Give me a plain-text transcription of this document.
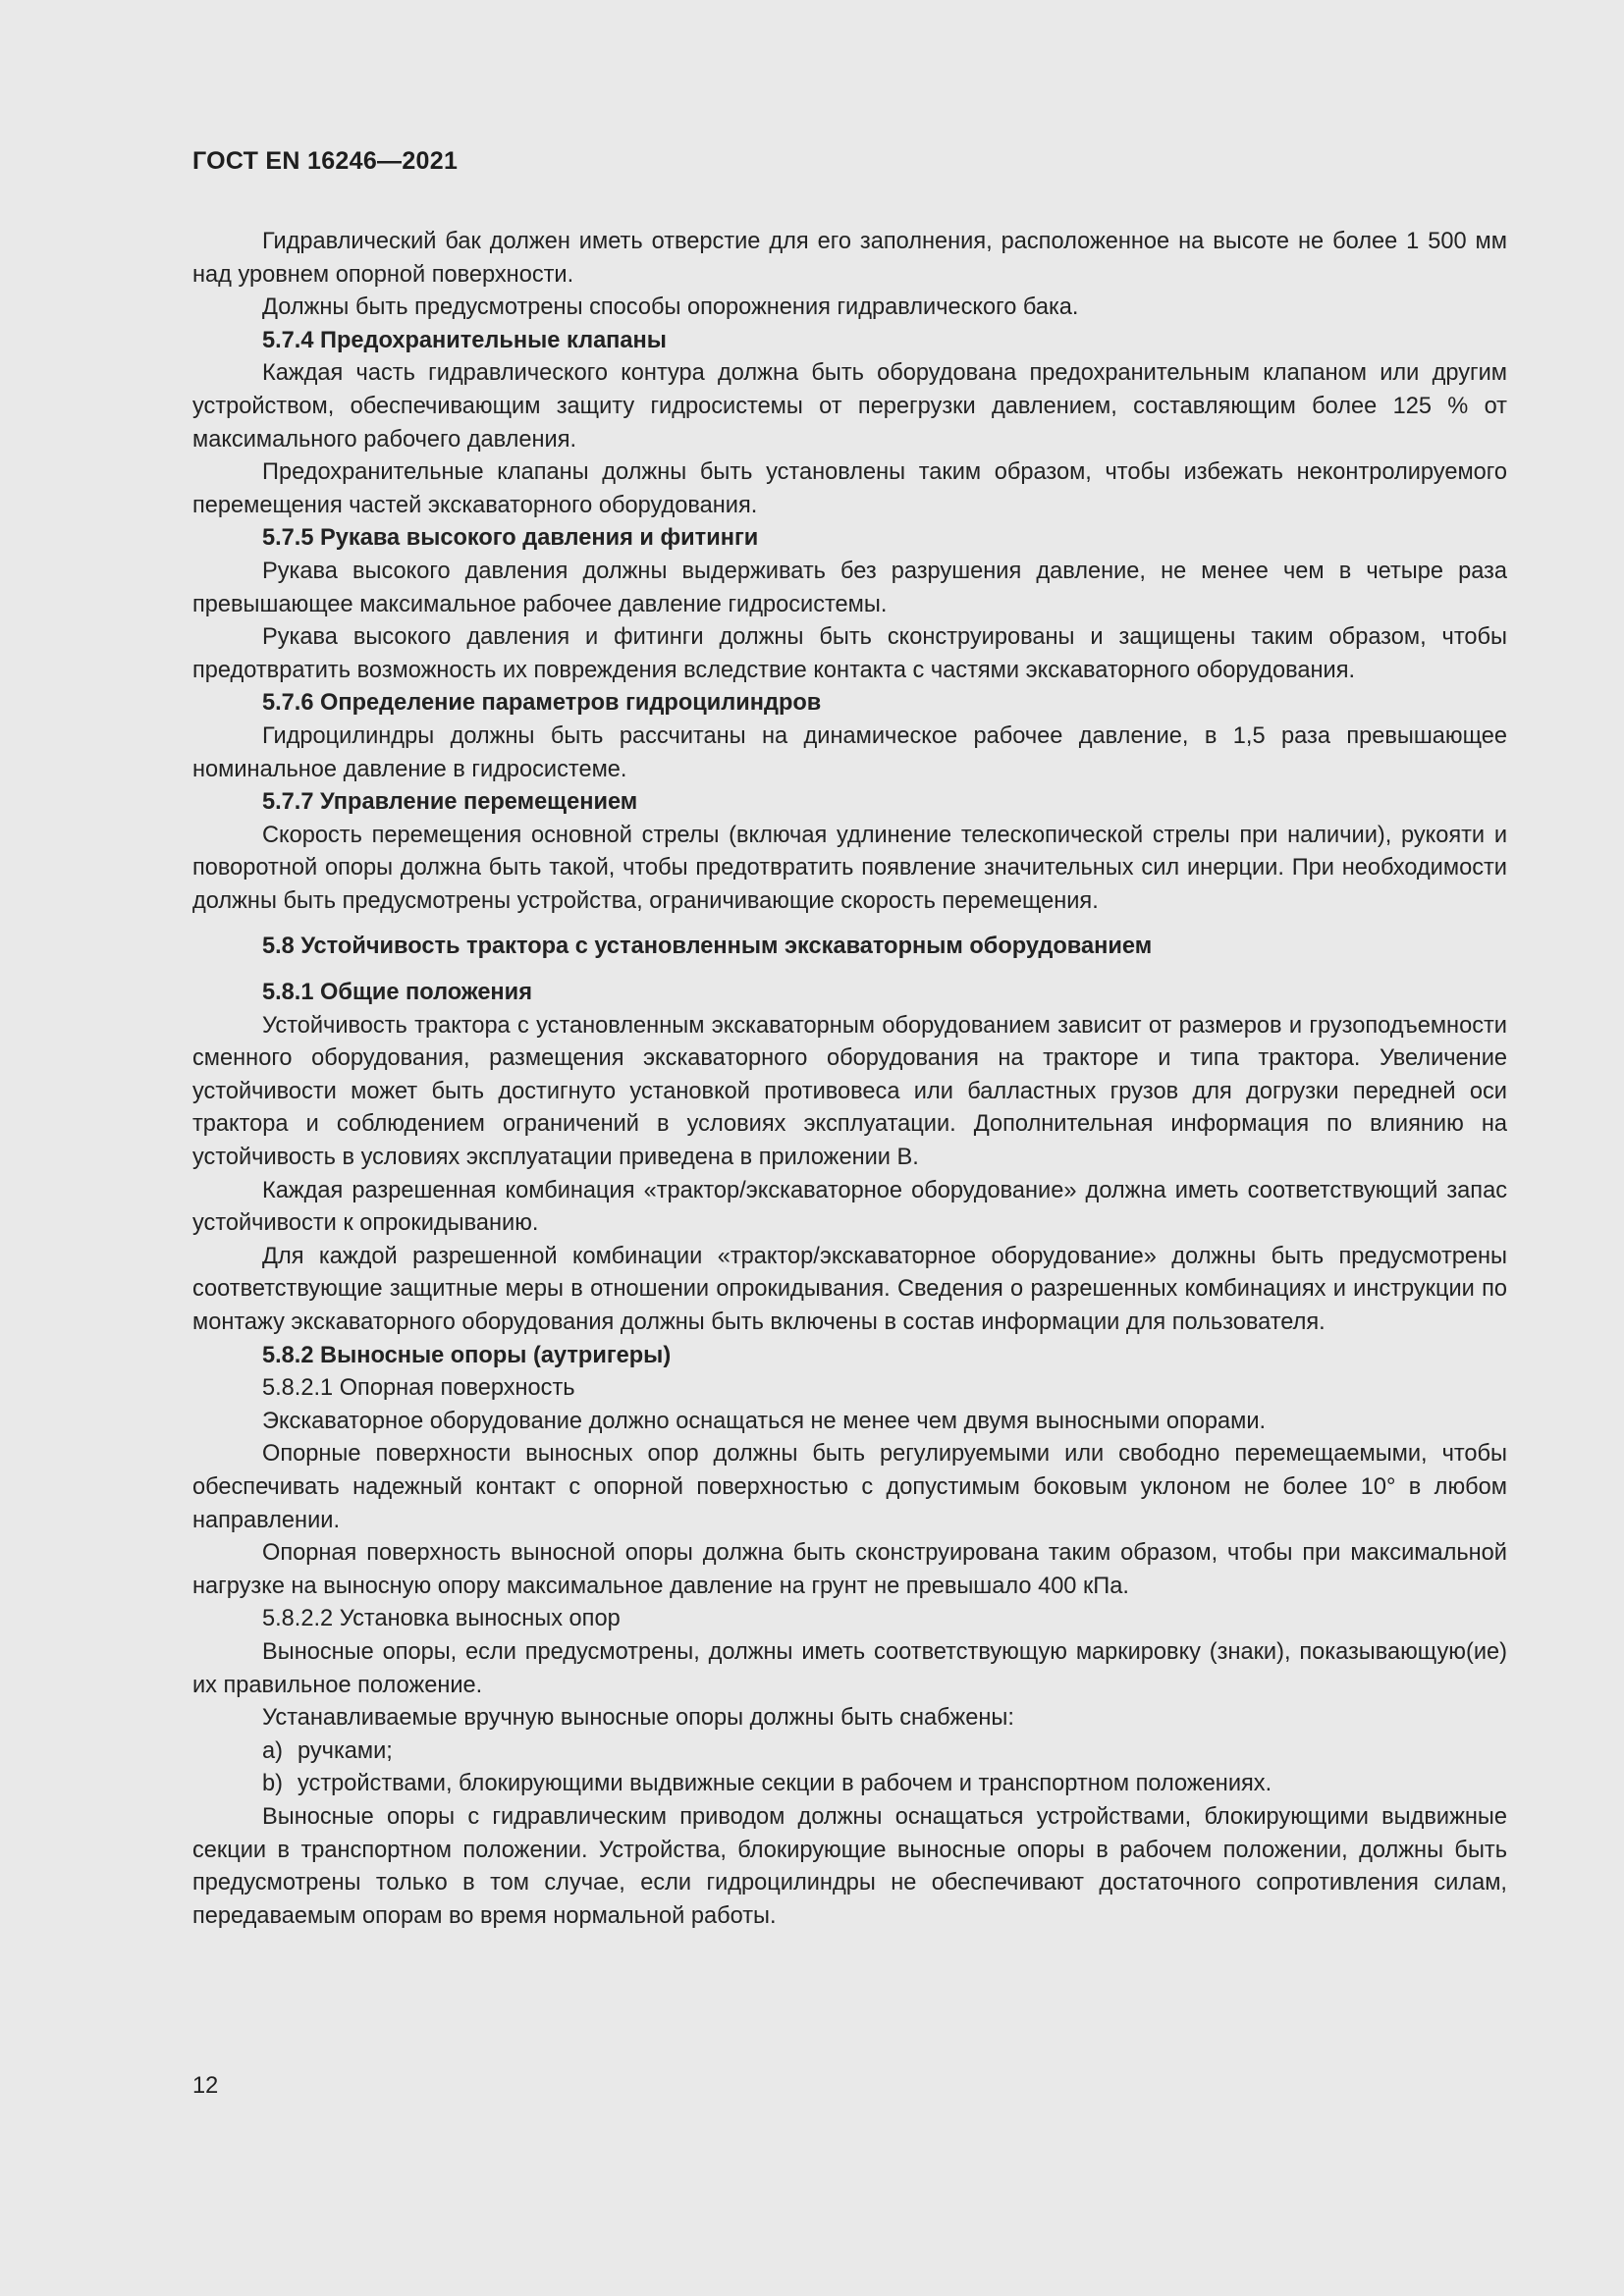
ГОСТ EN 16246—2021

Гидравлический бак должен иметь отверстие для его заполнения, расположенное на высоте не более 1 500 мм над уровнем опорной поверхности.

Должны быть предусмотрены способы опорожнения гидравлического бака.

5.7.4 Предохранительные клапаны

Каждая часть гидравлического контура должна быть оборудована предохранительным клапаном или другим устройством, обеспечивающим защиту гидросистемы от перегрузки давлением, составляющим более 125 % от максимального рабочего давления.

Предохранительные клапаны должны быть установлены таким образом, чтобы избежать неконтролируемого перемещения частей экскаваторного оборудования.

5.7.5 Рукава высокого давления и фитинги

Рукава высокого давления должны выдерживать без разрушения давление, не менее чем в четыре раза превышающее максимальное рабочее давление гидросистемы.

Рукава высокого давления и фитинги должны быть сконструированы и защищены таким образом, чтобы предотвратить возможность их повреждения вследствие контакта с частями экскаваторного оборудования.

5.7.6 Определение параметров гидроцилиндров

Гидроцилиндры должны быть рассчитаны на динамическое рабочее давление, в 1,5 раза превышающее номинальное давление в гидросистеме.

5.7.7 Управление перемещением

Скорость перемещения основной стрелы (включая удлинение телескопической стрелы при наличии), рукояти и поворотной опоры должна быть такой, чтобы предотвратить появление значительных сил инерции. При необходимости должны быть предусмотрены устройства, ограничивающие скорость перемещения.

5.8 Устойчивость трактора с установленным экскаваторным оборудованием

5.8.1 Общие положения

Устойчивость трактора с установленным экскаваторным оборудованием зависит от размеров и грузоподъемности сменного оборудования, размещения экскаваторного оборудования на тракторе и типа трактора. Увеличение устойчивости может быть достигнуто установкой противовеса или балластных грузов для догрузки передней оси трактора и соблюдением ограничений в условиях эксплуатации. Дополнительная информация по влиянию на устойчивость в условиях эксплуатации приведена в приложении B.

Каждая разрешенная комбинация «трактор/экскаваторное оборудование» должна иметь соответствующий запас устойчивости к опрокидыванию.

Для каждой разрешенной комбинации «трактор/экскаваторное оборудование» должны быть предусмотрены соответствующие защитные меры в отношении опрокидывания. Сведения о разрешенных комбинациях и инструкции по монтажу экскаваторного оборудования должны быть включены в состав информации для пользователя.

5.8.2 Выносные опоры (аутригеры)

5.8.2.1 Опорная поверхность

Экскаваторное оборудование должно оснащаться не менее чем двумя выносными опорами.

Опорные поверхности выносных опор должны быть регулируемыми или свободно перемещаемыми, чтобы обеспечивать надежный контакт с опорной поверхностью с допустимым боковым уклоном не более 10° в любом направлении.

Опорная поверхность выносной опоры должна быть сконструирована таким образом, чтобы при максимальной нагрузке на выносную опору максимальное давление на грунт не превышало 400 кПа.

5.8.2.2 Установка выносных опор

Выносные опоры, если предусмотрены, должны иметь соответствующую маркировку (знаки), показывающую(ие) их правильное положение.

Устанавливаемые вручную выносные опоры должны быть снабжены:

a) ручками;

b) устройствами, блокирующими выдвижные секции в рабочем и транспортном положениях.

Выносные опоры с гидравлическим приводом должны оснащаться устройствами, блокирующими выдвижные секции в транспортном положении. Устройства, блокирующие выносные опоры в рабочем положении, должны быть предусмотрены только в том случае, если гидроцилиндры не обеспечивают достаточного сопротивления силам, передаваемым опорам во время нормальной работы.

12
